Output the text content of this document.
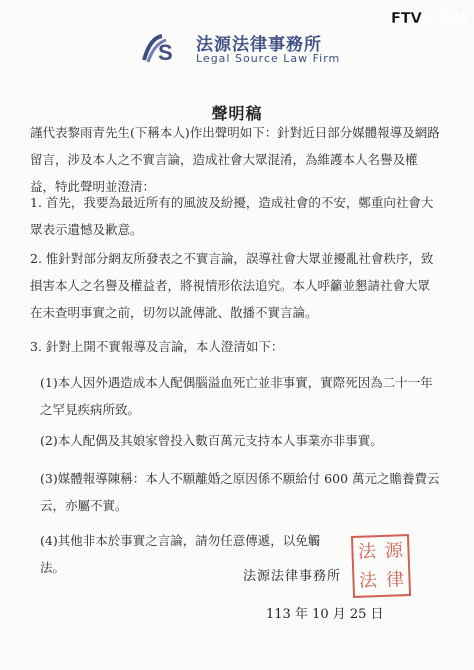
FTV新聞網
S 法源法律事務所
Legal Source Law Firm
聲明稿
謹代表黎雨青先生(下稱本人)作出聲明如下：針對近日部分媒體報導及網路留言，涉及本人之不實言論，造成社會大眾混淆，為維護本人名譽及權益，特此聲明並澄清：
1. 首先，我要為最近所有的風波及紛擾，造成社會的不安，鄭重向社會大眾表示遺憾及歉意。
2. 惟針對部分網友所發表之不實言論，誤導社會大眾並擾亂社會秩序，致損害本人之名譽及權益者，將視情形依法追究。本人呼籲並懇請社會大眾在未查明事實之前，切勿以訛傳訛、散播不實言論。
3. 針對上開不實報導及言論，本人澄清如下：
(1)本人因外遇造成本人配偶腦溢血死亡並非事實，實際死因為二十一年之罕見疾病所致。
(2)本人配偶及其娘家曾投入數百萬元支持本人事業亦非事實。
(3)媒體報導陳稱：本人不願離婚之原因係不願給付 600 萬元之贍養費云云，亦屬不實。
(4)其他非本於事實之言論，請勿任意傳遞，以免觸法。
法源法律事務所
法 源
法 律
113 年 10 月 25 日
